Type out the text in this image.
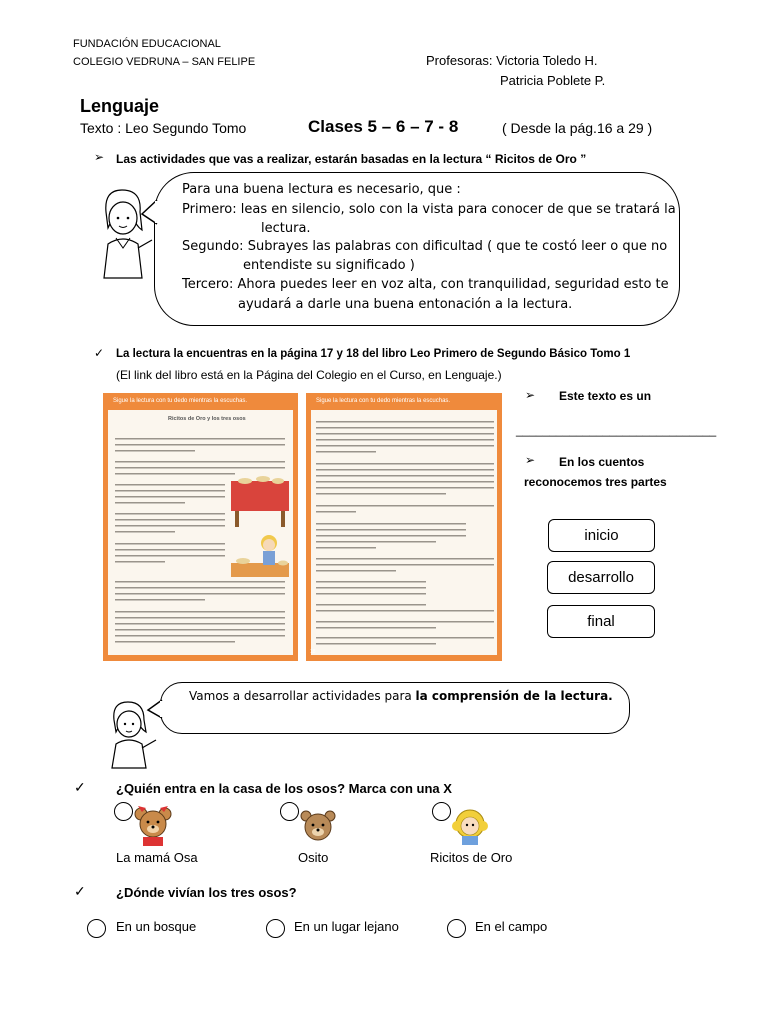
FUNDACIÓN EDUCACIONAL
COLEGIO VEDRUNA – SAN FELIPE	Profesoras: Victoria Toledo H.
Patricia Poblete P.
Lenguaje
Texto : Leo Segundo Tomo	Clases 5 – 6 – 7 - 8	( Desde la pág.16 a 29 )
➢ Las actividades que vas a realizar, estarán basadas en la lectura “ Ricitos de Oro ”
Para una buena lectura es necesario, que :
Primero: leas en silencio, solo con la vista para conocer de que se tratará la
lectura.
Segundo: Subrayes las palabras con dificultad ( que te costó leer o que no
entendiste su significado )
Tercero: Ahora puedes leer en voz alta, con tranquilidad, seguridad esto te
ayudará a darle una buena entonación a la lectura.
✓ La lectura la encuentras en la página 17 y 18 del libro Leo Primero de Segundo Básico Tomo 1
(El link del libro está en la Página del Colegio en el Curso, en Lenguaje.)
Sigue la lectura con tu dedo mientras la escuchas.
Ricitos de Oro y los tres osos
Sigue la lectura con tu dedo mientras la escuchas.
18
➢ Este texto es un
______________________________
➢ En los cuentos
reconocemos tres partes
inicio
desarrollo
final
Vamos a desarrollar actividades para la comprensión de la lectura.
✓ ¿Quién entra en la casa de los osos? Marca con una X
La mamá Osa	Osito	Ricitos de Oro
✓ ¿Dónde vivían los tres osos?
En un bosque	En un lugar lejano	En el campo
